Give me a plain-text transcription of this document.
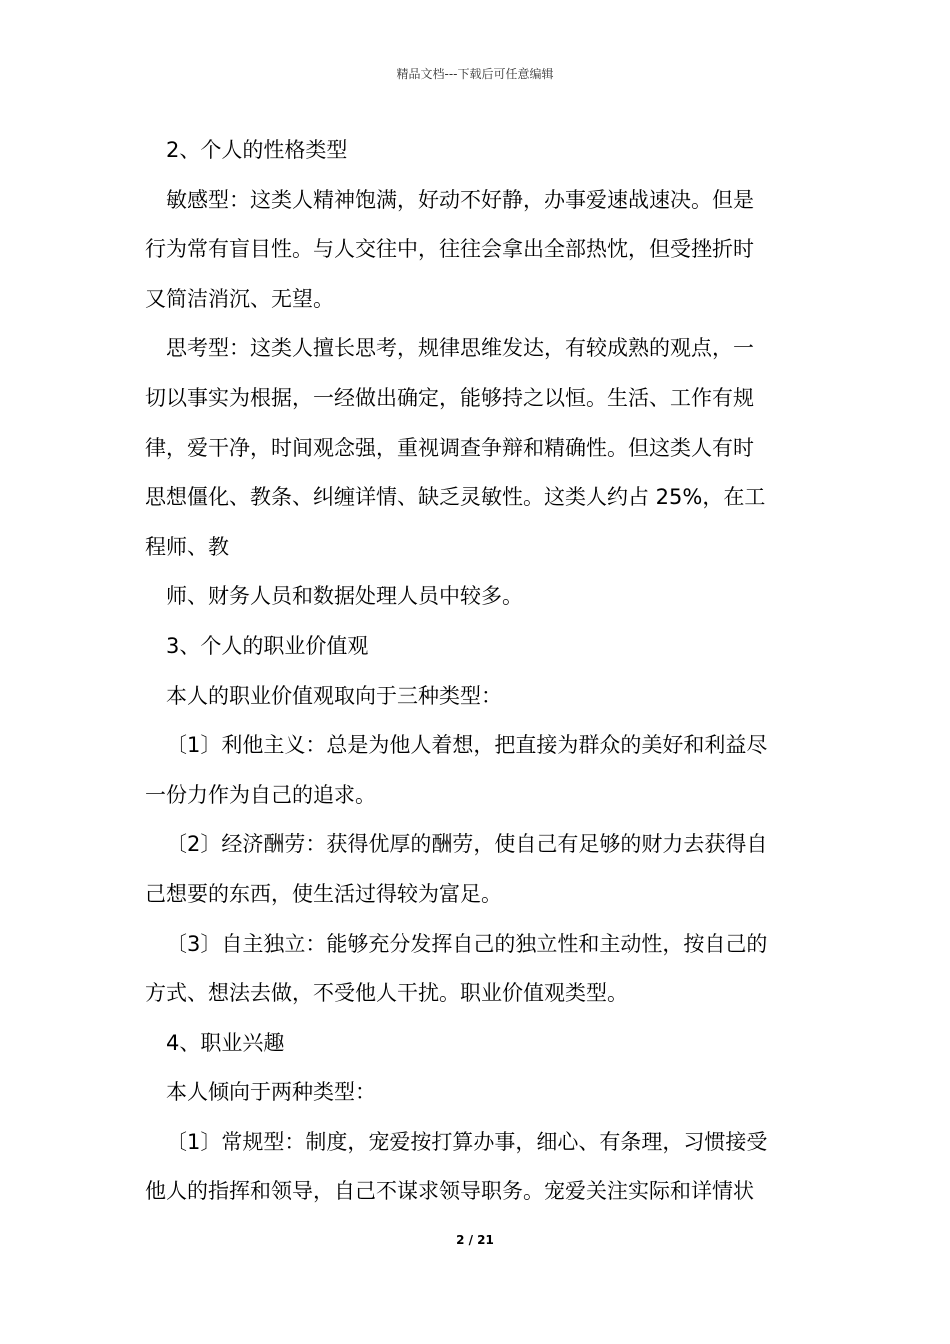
精品文档---下载后可任意编辑
2、个人的性格类型
敏感型：这类人精神饱满，好动不好静，办事爱速战速决。但是
行为常有盲目性。与人交往中，往往会拿出全部热忱，但受挫折时
又简洁消沉、无望。
思考型：这类人擅长思考，规律思维发达，有较成熟的观点，一
切以事实为根据，一经做出确定，能够持之以恒。生活、工作有规
律，爱干净，时间观念强，重视调查争辩和精确性。但这类人有时
思想僵化、教条、纠缠详情、缺乏灵敏性。这类人约占 25%，在工
程师、教
师、财务人员和数据处理人员中较多。
3、个人的职业价值观
本人的职业价值观取向于三种类型：
〔1〕利他主义：总是为他人着想，把直接为群众的美好和利益尽
一份力作为自己的追求。
〔2〕经济酬劳：获得优厚的酬劳，使自己有足够的财力去获得自
己想要的东西，使生活过得较为富足。
〔3〕自主独立：能够充分发挥自己的独立性和主动性，按自己的
方式、想法去做，不受他人干扰。职业价值观类型。
4、职业兴趣
本人倾向于两种类型：
〔1〕常规型：制度，宠爱按打算办事，细心、有条理，习惯接受
他人的指挥和领导，自己不谋求领导职务。宠爱关注实际和详情状
2 / 21
